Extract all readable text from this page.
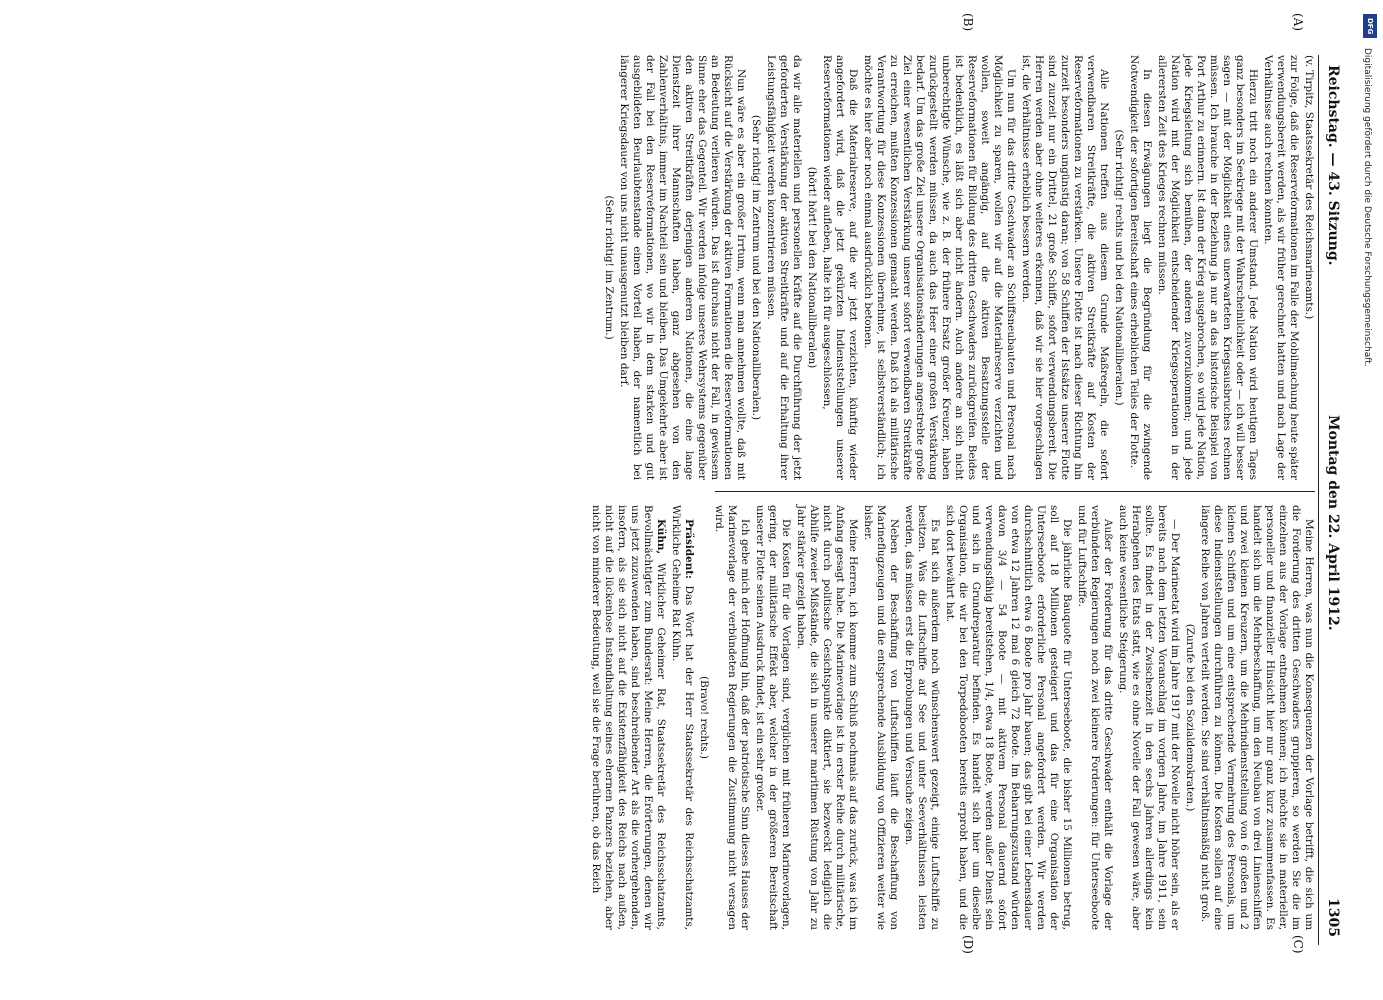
Reichstag. — 43. Sitzung.
Montag den 22. April 1912.
1305

(v. Tirpitz, Staatssekretär des Reichsmarineamts.)

zur Folge, daß die Reserveformationen im Falle der Mobilmachung heute später verwendungsbereit werden, als wir früher gerechnet hatten und nach Lage der Verhältnisse auch rechnen konnten.

Hierzu tritt noch ein anderer Umstand. Jede Nation wird heutigen Tages ganz besonders im Seekriege mit der Wahrscheinlichkeit oder — ich will besser sagen — mit der Möglichkeit eines unerwarteten Kriegsausbruches rechnen müssen. Ich brauche in der Beziehung ja nur an das historische Beispiel von Port Arthur zu erinnern. Ist dann der Krieg ausgebrochen, so wird jede Nation, jede Kriegsleitung sich bemühen, der anderen zuvorzukommen; und jede Nation wird mit der Möglichkeit entscheidender Kriegsoperationen in der allerersten Zeit des Krieges rechnen müssen.

In diesen Erwägungen liegt die Begründung für die zwingende Notwendigkeit der sofortigen Bereitschaft eines erheblichen Teiles der Flotte.

(Sehr richtig! rechts und bei den Nationalliberalen.)

Alle Nationen treffen aus diesem Grunde Maßregeln, die sofort verwendbaren Streitkräfte, die aktiven Streitkräfte auf Kosten der Reserveformationen zu verstärken. Unsere Flotte ist nach dieser Richtung hin zurzeit besonders ungünstig daran; von 58 Schiffen der Istsätze unserer Flotte sind zurzeit nur ein Drittel, 21 große Schiffe, sofort verwendungsbereit. Die Herren werden aber ohne weiteres erkennen, daß wir sie hier vorgeschlagen ist, die Verhältnisse erheblich bessern werden.

Um nun für das dritte Geschwader an Schiffsneubauten und Personal nach Möglichkeit zu sparen, wollen wir auf die Materialreserve verzichten und wollen, soweit angängig, auf die aktiven Besatzungsstelle der Reserveformationen für Bildung des dritten Geschwaders zurückgreifen. Beides ist bedenklich, es läßt sich aber nicht ändern. Auch andere an sich nicht unberechtigte Wünsche, wie z. B. der frühere Ersatz großer Kreuzer, haben zurückgestellt werden müssen, da auch das Heer einer großen Verstärkung bedarf. Um das große Ziel unsere Organisationsänderungen angestrebte große Ziel einer wesentlichen Verstärkung unserer sofort verwendbaren Streitkräfte zu erreichen, mußten Konzessionen gemacht werden. Daß ich als militärische Verantwortung für diese Konzessionen übernehme, ist selbstverständlich; ich möchte es hier aber noch einmal ausdrücklich betonen.

Daß die Materialreserve, auf die wir jetzt verzichten, künftig wieder angefordert wird, daß die jetzt gekürzten Indienststellungen unserer Reserveformationen wieder aufleben, halte ich für ausgeschlossen,

(hört! hört! bei den Nationalliberalen)

da wir alle materiellen und personellen Kräfte auf die Durchführung der jetzt geforderten Verstärkung der aktiven Streitkräfte und auf die Erhaltung ihrer Leistungsfähigkeit werden konzentrieren müssen.

(Sehr richtig! im Zentrum und bei den Nationalliberalen.)

Nun wäre es aber ein großer Irrtum, wenn man annehmen wollte, daß mit Rücksicht auf die Verstärkung der aktiven Formationen die Reserveformationen an Bedeutung verlieren würden. Das ist durchaus nicht der Fall, in gewissem Sinne eher das Gegenteil. Wir werden infolge unseres Wehrsystems gegenüber den aktiven Streitkräften derjenigen anderen Nationen, die eine lange Dienstzeit ihrer Mannschaften haben, ganz abgesehen von den Zahlenverhältnis, immer im Nachteil sein und bleiben. Das Umgekehrte aber ist der Fall bei den Reserveformationen, wo wir in dem starken und gut ausgebildeten Beurlaubtenstande einen Vorteil haben, der namentlich bei längerer Kriegsdauer von uns nicht unausgenutzt bleiben darf.

(Sehr richtig! im Zentrum.)

Meine Herren, was nun die Konsequenzen der Vorlage betrifft, die sich um die Forderung des dritten Geschwaders gruppieren, so werden Sie die im einzelnen aus der Vorlage entnehmen können; ich möchte sie in materieller, personeller und finanzieller Hinsicht hier nur ganz kurz zusammenfassen. Es handelt sich um die Mehrbeschaffung, um den Neubau von drei Linienschiffen und zwei kleinen Kreuzern, um die Mehrindienststellung von 6 großen und 2 kleinen Schiffen und um eine entsprechende Vermehrung des Personals, um diese Indienststellungen durchführen zu können. Die Kosten sollen auf eine längere Reihe von Jahren verteilt werden. Sie sind verhältnismäßig nicht groß.

(Zurufe bei den Sozialdemokraten.)

— Der Marineetat wird im Jahre 1917 mit der Novelle nicht höher sein, als er bereits nach dem letzten Voranschlag im vorigen Jahre, im Jahre 1911, sein sollte. Es findet in der Zwischenzeit in den sechs Jahren allerdings kein Herabgehen des Etats statt, wie es ohne Novelle der Fall gewesen wäre, aber auch keine wesentliche Steigerung.

Außer der Forderung für das dritte Geschwader enthält die Vorlage der verbündeten Regierungen noch zwei kleinere Forderungen: für Unterseeboote und für Luftschiffe.

Die jährliche Bauquote für Unterseeboote, die bisher 15 Millionen betrug, soll auf 18 Millionen gesteigert und das für eine Organisation der Unterseeboote erforderliche Personal angefordert werden. Wir werden durchschnittlich etwa 6 Boote pro Jahr bauen; das gibt bei einer Lebensdauer von etwa 12 Jahren 12 mal 6 gleich 72 Boote. Im Beharrungszustand würden davon 3/4 — 54 Boote — mit aktivem Personal dauernd sofort verwendungsfähig bereitstehen, 1/4, etwa 18 Boote, werden außer Dienst sein und sich in Grundreparatur befinden. Es handelt sich hier um dieselbe Organisation, die wir bei den Torpedobooten bereits erprobt haben, und die sich dort bewährt hat.

Es hat sich außerdem noch wünschenswert gezeigt, einige Luftschiffe zu besitzen. Was die Luftschiffe auf See und unter Seeverhältnissen leisten werden, das müssen erst die Erprobungen und Versuche zeigen.

Neben der Beschaffung von Luftschiffen läuft die Beschaffung von Marineflugzeugen und die entsprechende Ausbildung von Offizieren weiter wie bisher.

Meine Herren, ich komme zum Schluß nochmals auf das zurück, was ich im Anfang gesagt habe. Die Marinevorlage ist in erster Reihe durch militärische, nicht durch politische Gesichtspunkte diktiert, sie bezweckt lediglich die Abhilfe zweier Mißstände, die sich in unserer maritimen Rüstung von Jahr zu Jahr stärker gezeigt haben.

Die Kosten für die Vorlagen sind, verglichen mit früheren Marinevorlagen, gering, der militärische Effekt aber, welcher in der größeren Bereitschaft unserer Flotte seinen Ausdruck findet, ist ein sehr großer.

Ich gebe mich der Hoffnung hin, daß der patriotische Sinn dieses Hauses der Marinevorlage der verbündeten Regierungen die Zustimmung nicht versagen wird.

(Bravo! rechts.)

Präsident: Das Wort hat der Herr Staatssekretär des Reichsschatzamts, Wirkliche Geheime Rat Kühn.

Kühn, Wirklicher Geheimer Rat, Staatssekretär des Reichsschatzamts, Bevollmächtigter zum Bundesrat: Meine Herren, die Erörterungen, denen wir uns jetzt zuzuwenden haben, sind beschreibender Art als die vorhergehenden, insofern, als sie sich nicht auf die Existenzfähigkeit des Reichs nach außen, nicht auf die lückenlose Instandhaltung seines ehernen Panzers beziehen, aber nicht von minderer Bedeutung, weil sie die Frage berühren, ob das Reich

(A)
(B)
(C)
(D)
DFG
Digitalisierung gefördert durch die Deutsche Forschungsgemeinschaft.
